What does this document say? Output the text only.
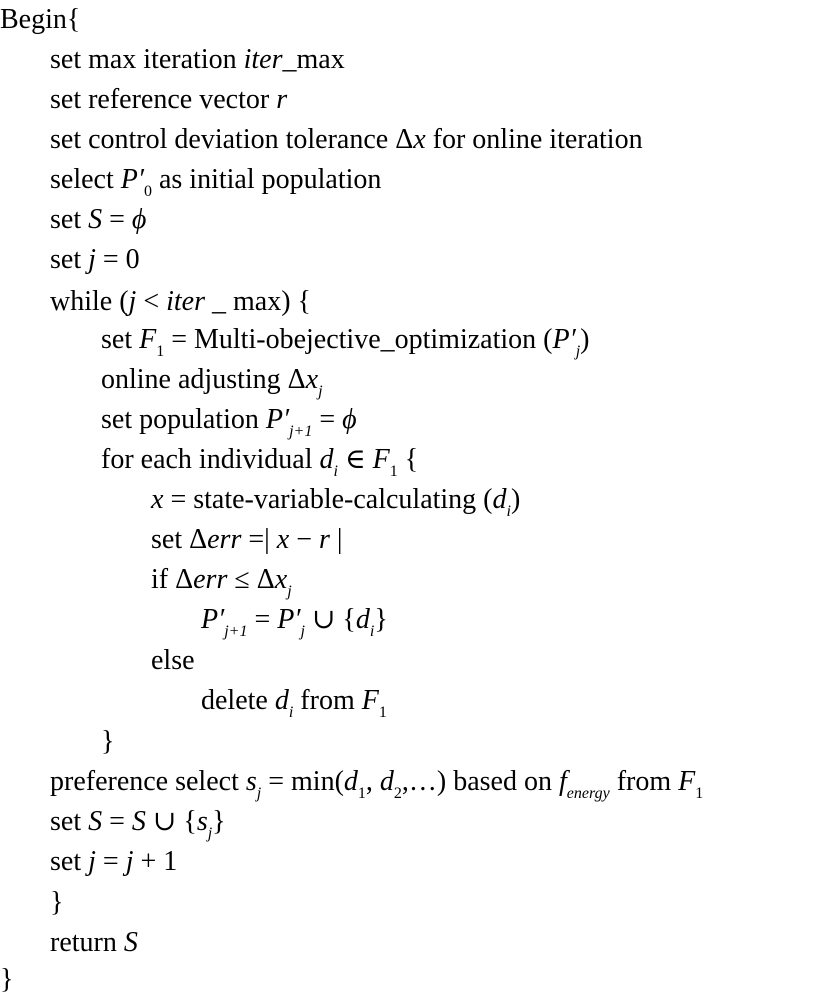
Begin{
set max iteration iter_max
set reference vector r
set control deviation tolerance Δx for online iteration
select $P'_0$ as initial population
set S = ϕ
set j = 0
while (j < iter _ max) {
set $F_1$ = Multi-obejective_optimization $(P'_j)$
online adjusting $\Delta x_j$
set population $P'_{j+1} = \phi$
for each individual $d_i$ ∈ $F_1$ {
x = state-variable-calculating $(d_i)$
set Δerr =| x − r |
if $\Delta err \le \Delta x_j$
$P'_{j+1} = P'_j$ ∪ $\{d_i\}$
else
delete $d_i$ from $F_1$
}
preference select $s_j = \min(d_1$, $d_2,\dots$) based on $f_{energy}$ from $F_1$
set S = S ∪ $\{s_j\}$
set j = j + 1
}
return S
}
